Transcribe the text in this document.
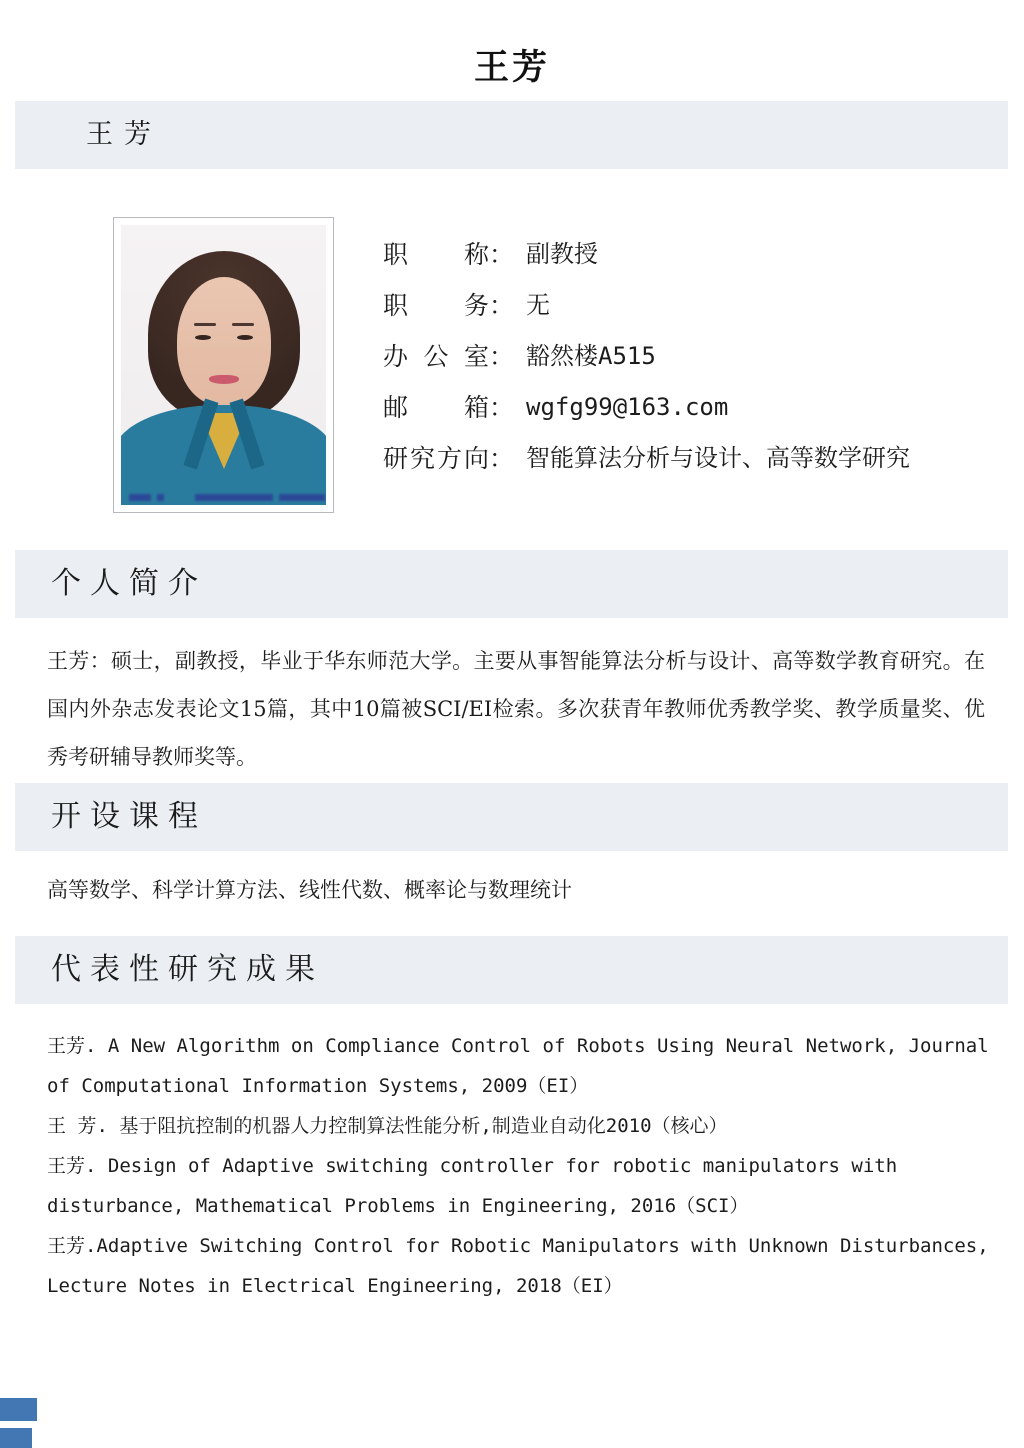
王芳
王芳
职称： 副教授
职务： 无
办公室： 豁然楼A515
邮箱： wgfg99@163.com
研究方向： 智能算法分析与设计、高等数学研究
个人简介
王芳：硕士，副教授，毕业于华东师范大学。主要从事智能算法分析与设计、高等数学教育研究。在国内外杂志发表论文15篇，其中10篇被SCI/EI检索。多次获青年教师优秀教学奖、教学质量奖、优秀考研辅导教师奖等。
开设课程
高等数学、科学计算方法、线性代数、概率论与数理统计
代表性研究成果
王芳. A New Algorithm on Compliance Control of Robots Using Neural Network, Journal
of Computational Information Systems, 2009（EI）
王 芳. 基于阻抗控制的机器人力控制算法性能分析,制造业自动化2010（核心）
王芳. Design of Adaptive switching controller for robotic manipulators with
disturbance, Mathematical Problems in Engineering, 2016（SCI）
王芳.Adaptive Switching Control for Robotic Manipulators with Unknown Disturbances,
Lecture Notes in Electrical Engineering, 2018（EI）
